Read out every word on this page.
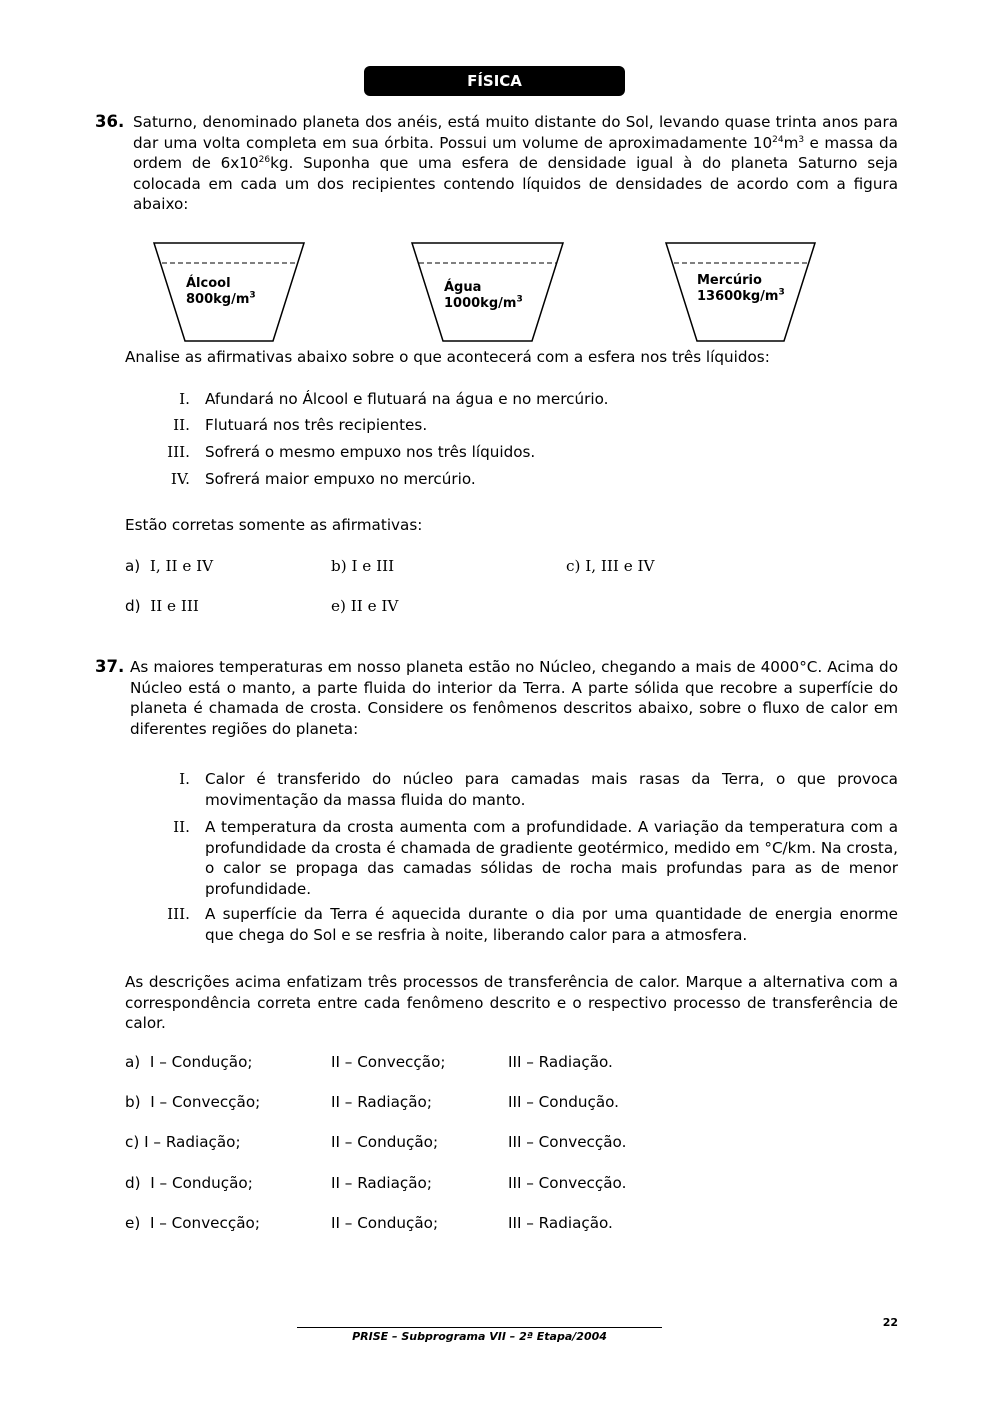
FÍSICA
36. Saturno, denominado planeta dos anéis, está muito distante do Sol, levando quase trinta anos para dar uma volta completa em sua órbita. Possui um volume de aproximadamente $10^{24}m^3$ e massa da ordem de $6x10^{26}kg$. Suponha que uma esfera de densidade igual à do planeta Saturno seja colocada em cada um dos recipientes contendo líquidos de densidades de acordo com a figura abaixo:
Álcool
$800kg/m^3$
Água
$1000kg/m^3$
Mercúrio
$13600kg/m^3$
Analise as afirmativas abaixo sobre o que acontecerá com a esfera nos três líquidos:
I. Afundará no Álcool e flutuará na água e no mercúrio.
II. Flutuará nos três recipientes.
III. Sofrerá o mesmo empuxo nos três líquidos.
IV. Sofrerá maior empuxo no mercúrio.
Estão corretas somente as afirmativas:
a) I, II e IV	b) I e III	c) I, III e IV
d) II e III	e) II e IV
37. As maiores temperaturas em nosso planeta estão no Núcleo, chegando a mais de 4000°C. Acima do Núcleo está o manto, a parte fluida do interior da Terra. A parte sólida que recobre a superfície do planeta é chamada de crosta. Considere os fenômenos descritos abaixo, sobre o fluxo de calor em diferentes regiões do planeta:
I. Calor é transferido do núcleo para camadas mais rasas da Terra, o que provoca movimentação da massa fluida do manto.
II. A temperatura da crosta aumenta com a profundidade. A variação da temperatura com a profundidade da crosta é chamada de gradiente geotérmico, medido em °C/km. Na crosta, o calor se propaga das camadas sólidas de rocha mais profundas para as de menor profundidade.
III. A superfície da Terra é aquecida durante o dia por uma quantidade de energia enorme que chega do Sol e se resfria à noite, liberando calor para a atmosfera.
As descrições acima enfatizam três processos de transferência de calor. Marque a alternativa com a correspondência correta entre cada fenômeno descrito e o respectivo processo de transferência de calor.
a) I – Condução;	II – Convecção;	III – Radiação.
b) I – Convecção;	II – Radiação;	III – Condução.
c) I – Radiação;	II – Condução;	III – Convecção.
d) I – Condução;	II – Radiação;	III – Convecção.
e) I – Convecção;	II – Condução;	III – Radiação.
PRISE – Subprograma VII – 2ª Etapa/2004
22
